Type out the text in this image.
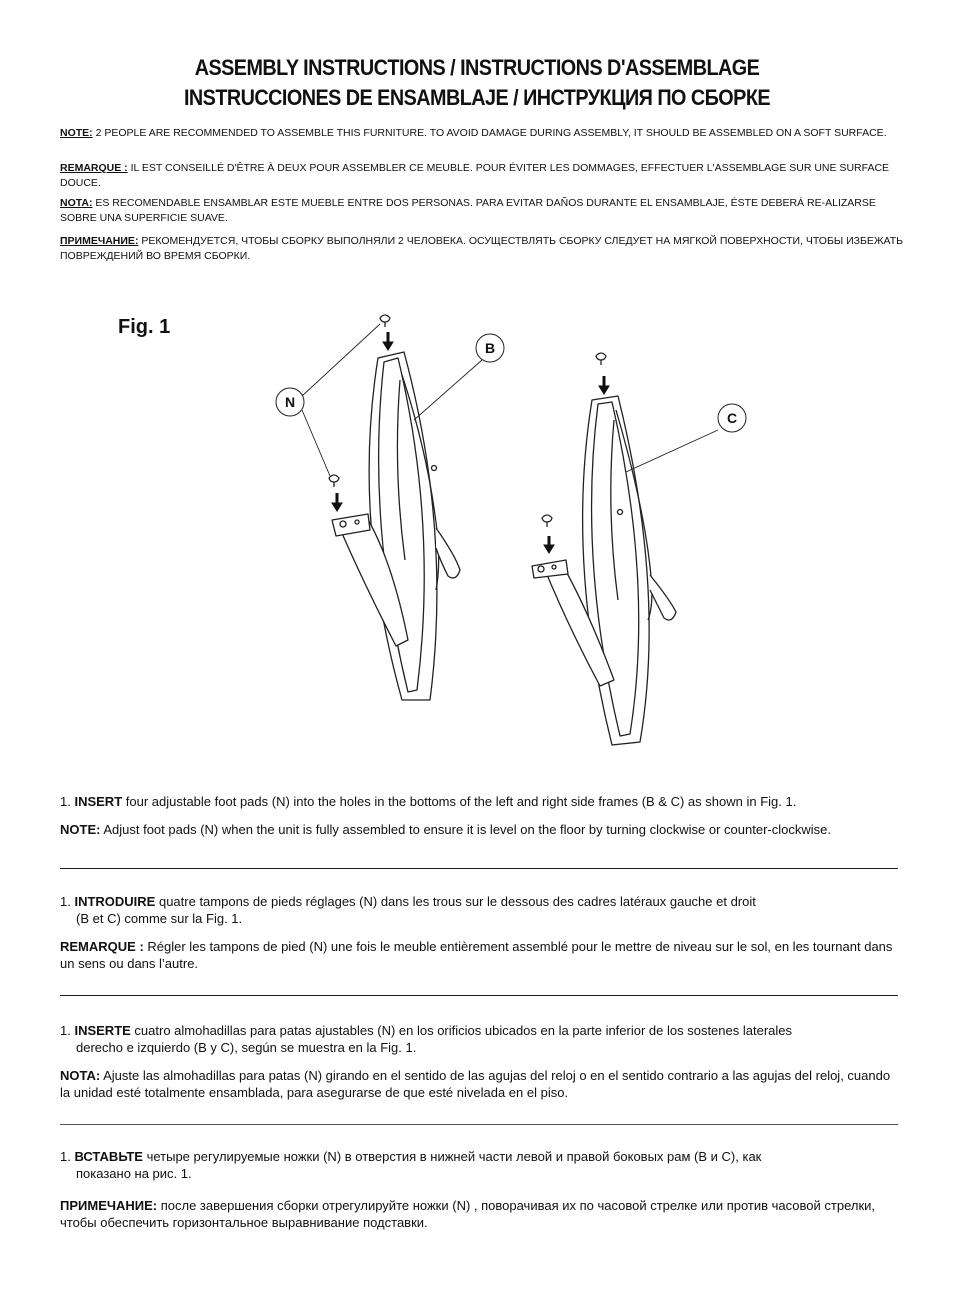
ASSEMBLY INSTRUCTIONS / INSTRUCTIONS D'ASSEMBLAGE
INSTRUCCIONES DE ENSAMBLAJE / ИНСТРУКЦИЯ ПО СБОРКЕ
NOTE: 2 PEOPLE ARE RECOMMENDED TO ASSEMBLE THIS FURNITURE. TO AVOID DAMAGE DURING ASSEMBLY, IT SHOULD BE ASSEMBLED ON A SOFT SURFACE.
REMARQUE : IL EST CONSEILLÉ D'ÊTRE À DEUX POUR ASSEMBLER CE MEUBLE. POUR ÉVITER LES DOMMAGES, EFFECTUER L'ASSEMBLAGE SUR UNE SURFACE DOUCE.
NOTA: ES RECOMENDABLE ENSAMBLAR ESTE MUEBLE ENTRE DOS PERSONAS. PARA EVITAR DAÑOS DURANTE EL ENSAMBLAJE, ÉSTE DEBERÁ RE-ALIZARSE SOBRE UNA SUPERFICIE SUAVE.
ПРИМЕЧАНИЕ: РЕКОМЕНДУЕТСЯ, ЧТОБЫ СБОРКУ ВЫПОЛНЯЛИ 2 ЧЕЛОВЕКА. ОСУЩЕСТВЛЯТЬ СБОРКУ СЛЕДУЕТ НА МЯГКОЙ ПОВЕРХНОСТИ, ЧТОБЫ ИЗБЕЖАТЬ ПОВРЕЖДЕНИЙ ВО ВРЕМЯ СБОРКИ.
Fig. 1
N
B
C
1. INSERT four adjustable foot pads (N) into the holes in the bottoms of the left and right side frames (B & C) as shown in Fig. 1.
NOTE: Adjust foot pads (N) when the unit is fully assembled to ensure it is level on the floor by turning clockwise or counter-clockwise.
1. INTRODUIRE quatre tampons de pieds réglages (N) dans les trous sur le dessous des cadres latéraux gauche et droit
(B et C) comme sur la Fig. 1.
REMARQUE : Régler les tampons de pied (N) une fois le meuble entièrement assemblé pour le mettre de niveau sur le sol, en les tournant dans un sens ou dans l’autre.
1. INSERTE cuatro almohadillas para patas ajustables (N) en los orificios ubicados en la parte inferior de los sostenes laterales
derecho e izquierdo (B y C), según se muestra en la Fig. 1.
NOTA: Ajuste las almohadillas para patas (N) girando en el sentido de las agujas del reloj o en el sentido contrario a las agujas del reloj, cuando la unidad esté totalmente ensamblada, para asegurarse de que esté nivelada en el piso.
1. ВСТАВЬТЕ четыре регулируемые ножки (N) в отверстия в нижней части левой и правой боковых рам (B и C), как
показано на рис. 1.
ПРИМЕЧАНИЕ: после завершения сборки отрегулируйте ножки (N) , поворачивая их по часовой стрелке или против часовой стрелки, чтобы обеспечить горизонтальное выравнивание подставки.
